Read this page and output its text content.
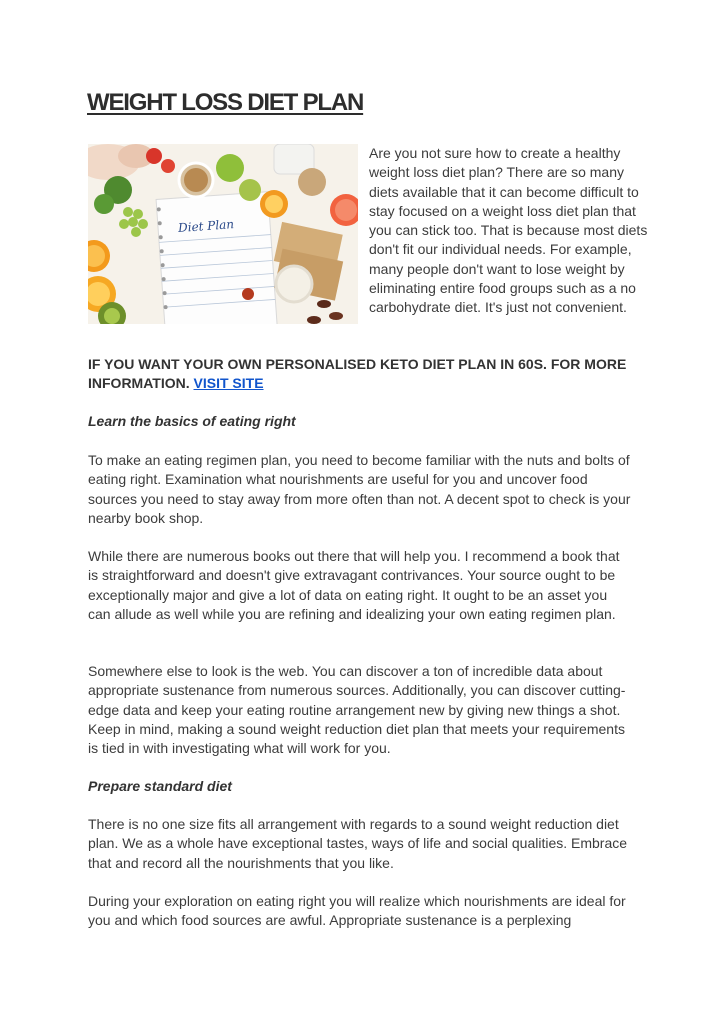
WEIGHT LOSS DIET PLAN
Diet Plan

Are you not sure how to create a healthy weight loss diet plan? There are so many diets available that it can become difficult to stay focused on a weight loss diet plan that you can stick too. That is because most diets don't fit our individual needs. For example, many people don't want to lose weight by eliminating entire food groups such as a no carbohydrate diet. It's just not convenient.

IF YOU WANT YOUR OWN PERSONALISED KETO DIET PLAN IN 60S. FOR MORE INFORMATION. VISIT SITE

Learn the basics of eating right

To make an eating regimen plan, you need to become familiar with the nuts and bolts of eating right. Examination what nourishments are useful for you and uncover food sources you need to stay away from more often than not. A decent spot to check is your nearby book shop.

While there are numerous books out there that will help you. I recommend a book that is straightforward and doesn't give extravagant contrivances. Your source ought to be exceptionally major and give a lot of data on eating right. It ought to be an asset you can allude as well while you are refining and idealizing your own eating regimen plan.

Somewhere else to look is the web. You can discover a ton of incredible data about appropriate sustenance from numerous sources. Additionally, you can discover cutting-edge data and keep your eating routine arrangement new by giving new things a shot. Keep in mind, making a sound weight reduction diet plan that meets your requirements is tied in with investigating what will work for you.

Prepare standard diet

There is no one size fits all arrangement with regards to a sound weight reduction diet plan. We as a whole have exceptional tastes, ways of life and social qualities. Embrace that and record all the nourishments that you like.

During your exploration on eating right you will realize which nourishments are ideal for you and which food sources are awful. Appropriate sustenance is a perplexing
